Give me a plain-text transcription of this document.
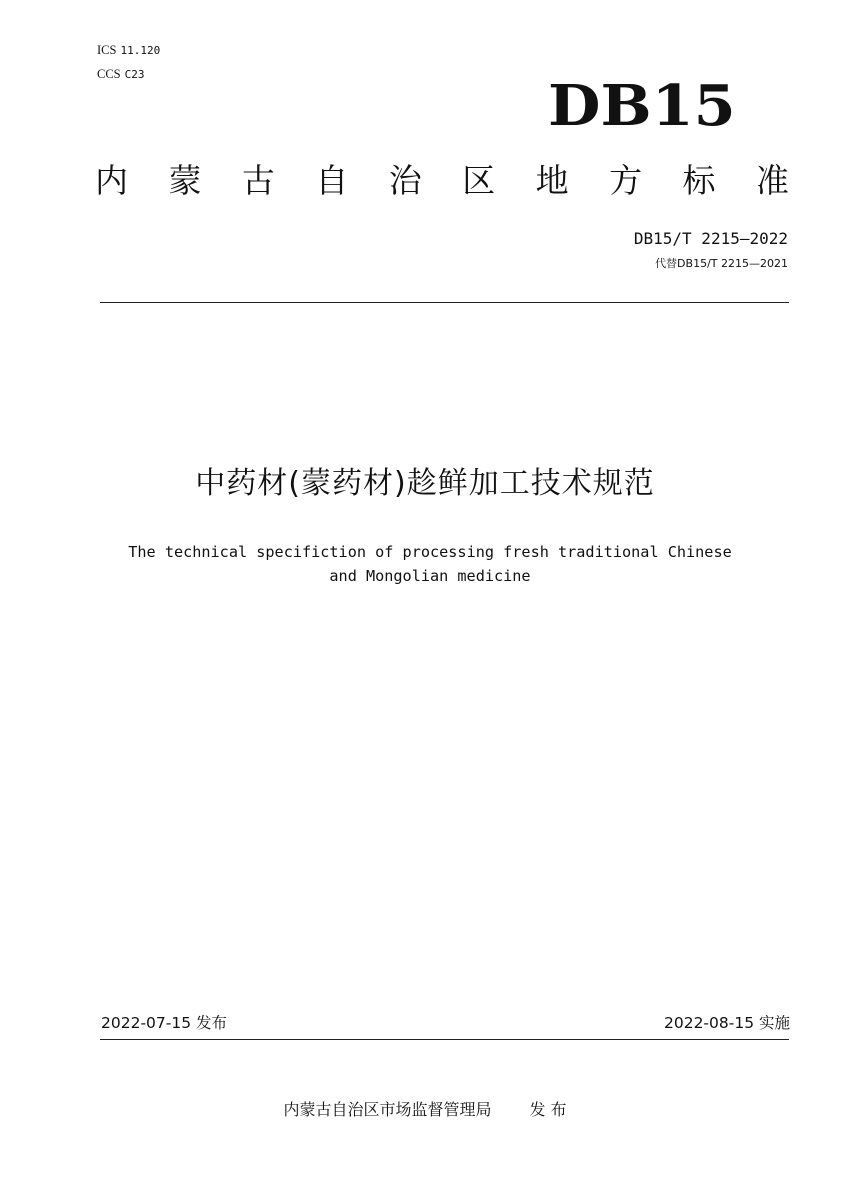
ICS 11.120
CCS C23	DB15
内 蒙 古 自 治 区 地 方 标 准
DB15/T 2215—2022
代替DB15/T 2215—2021
中药材(蒙药材)趁鲜加工技术规范
The technical specifiction of processing fresh traditional Chinese
and Mongolian medicine
2022-07-15 发布	2022-08-15 实施
内蒙古自治区市场监督管理局 发 布
